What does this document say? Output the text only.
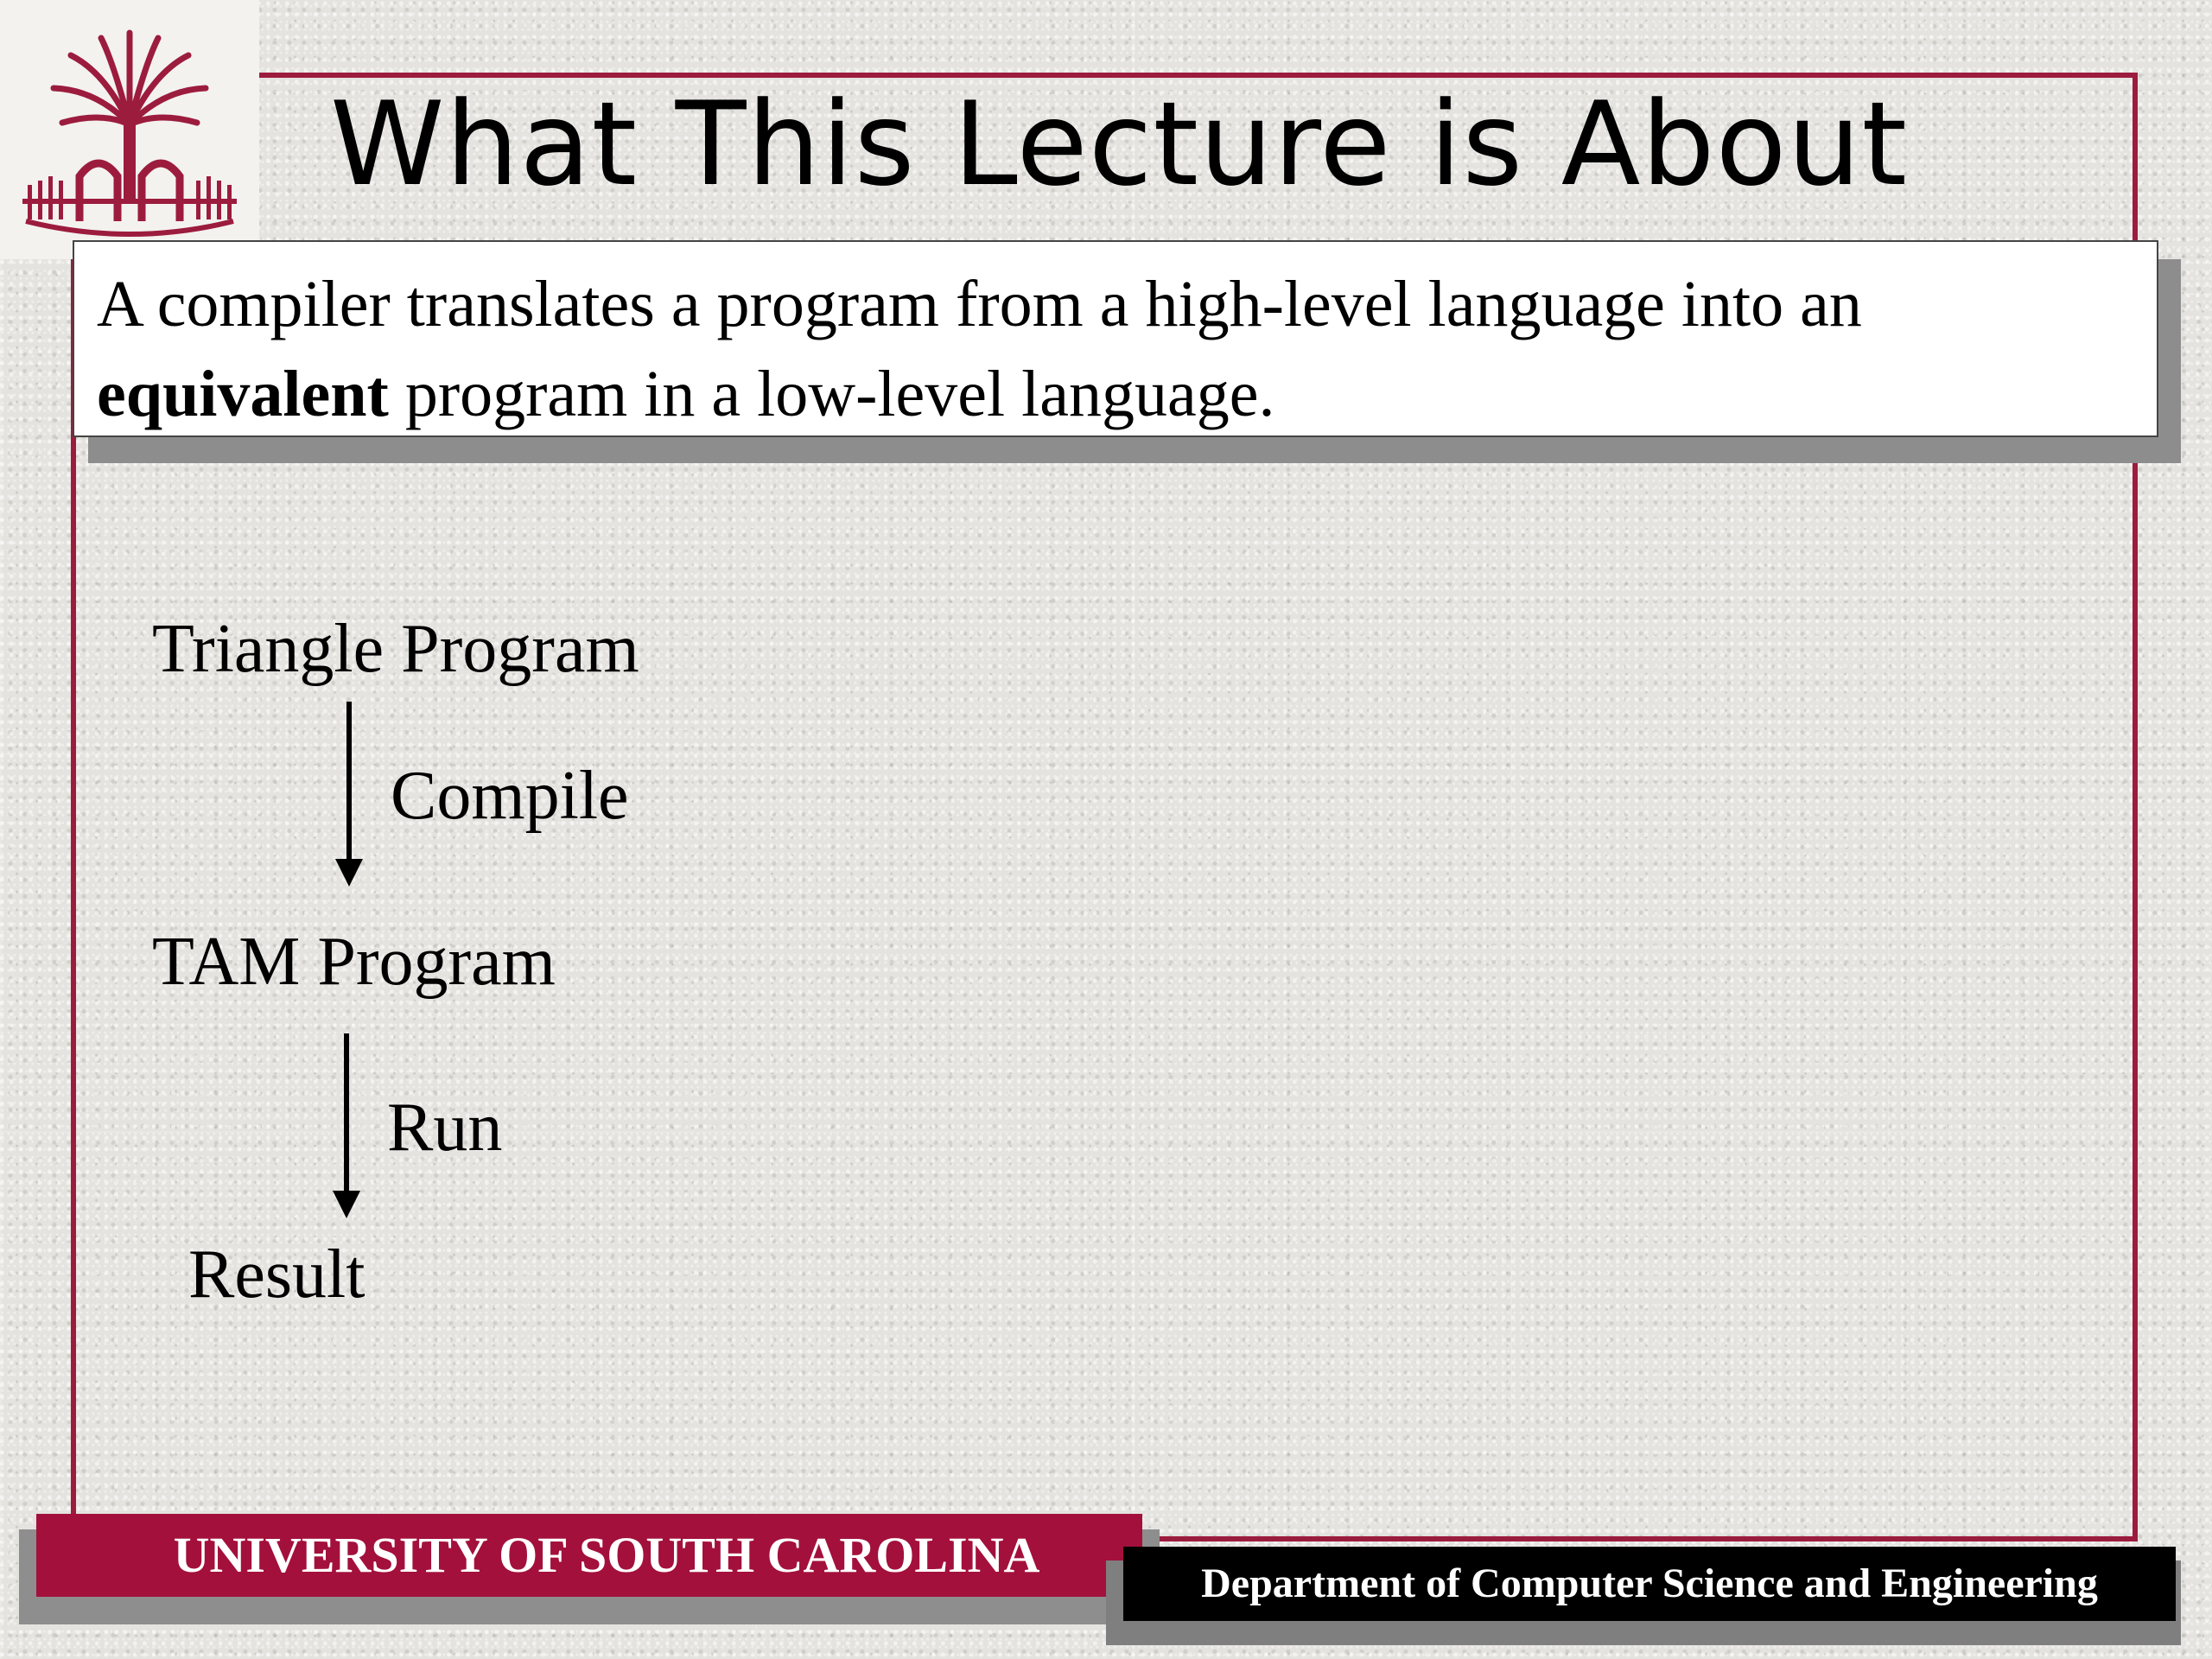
What This Lecture is About
A compiler translates a program from a high-level language into an
equivalent program in a low-level language.
Triangle Program
Compile
TAM Program
Run
Result
UNIVERSITY OF SOUTH CAROLINA
Department of Computer Science and Engineering
